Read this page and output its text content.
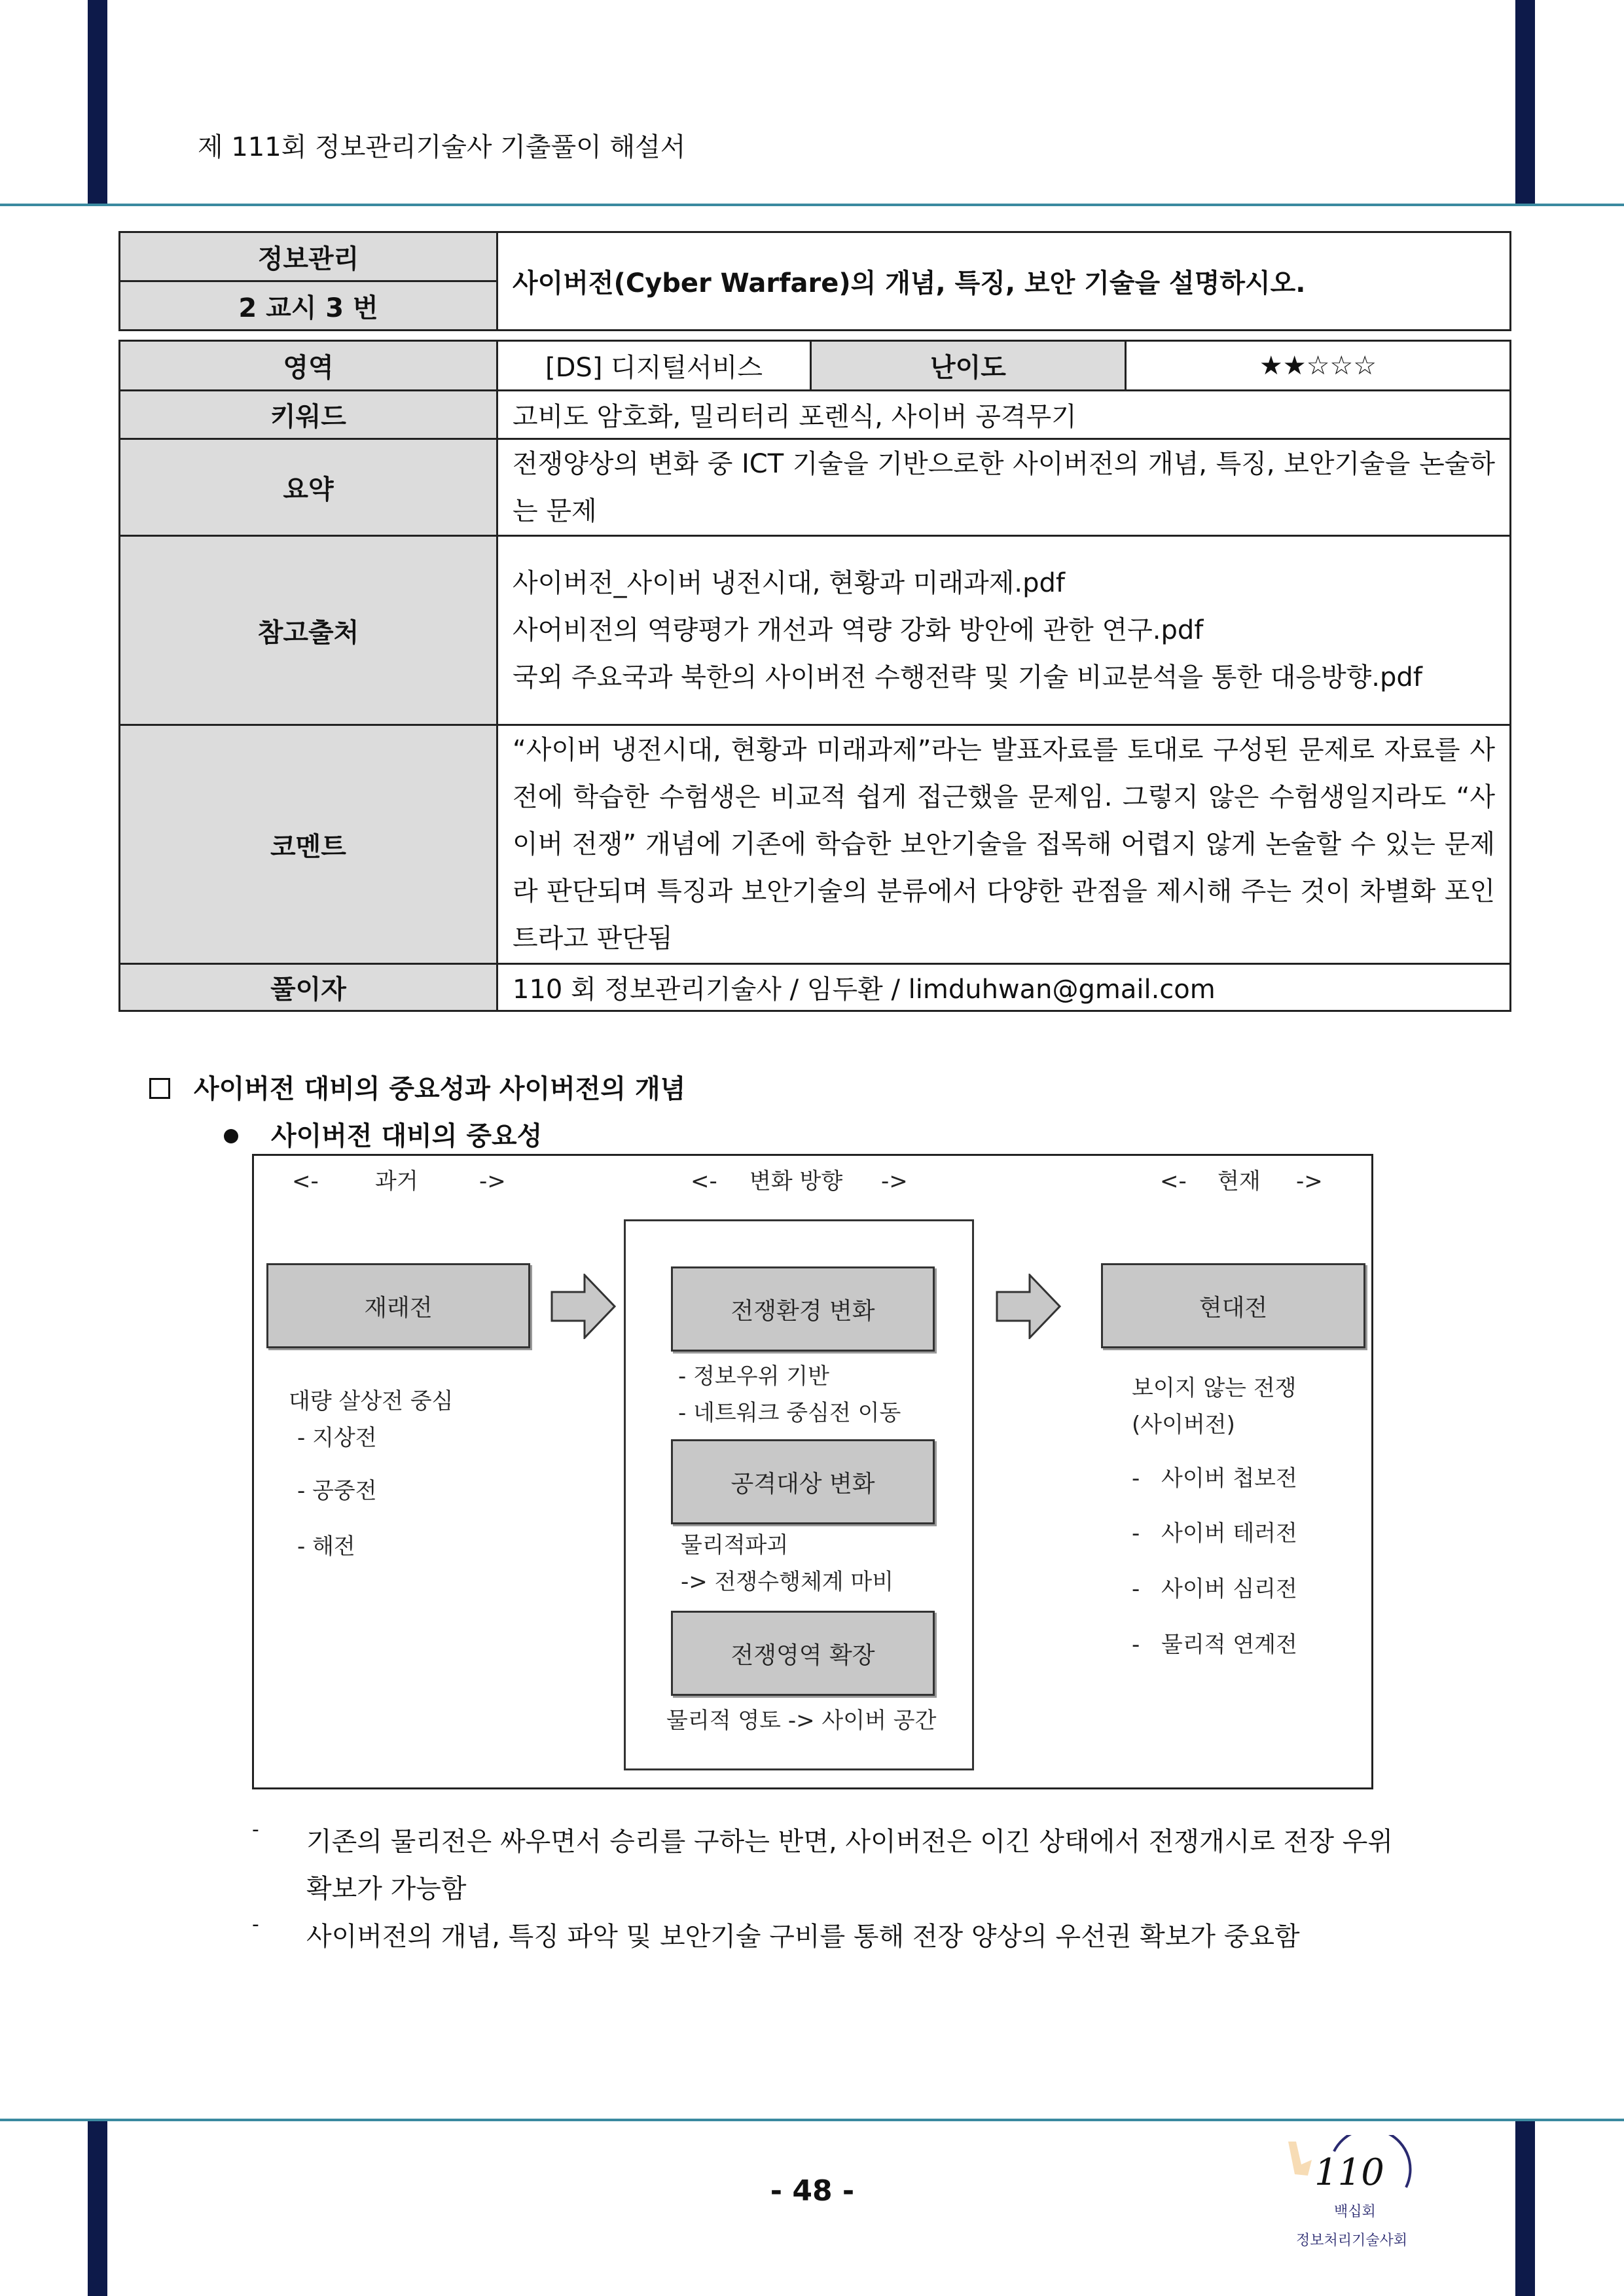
제 111회 정보관리기술사 기출풀이 해설서
정보관리	사이버전(Cyber Warfare)의 개념, 특징, 보안 기술을 설명하시오.
2 교시 3 번
영역	[DS] 디지털서비스	난이도	★★☆☆☆
키워드	고비도 암호화, 밀리터리 포렌식, 사이버 공격무기		
요약	전쟁양상의 변화 중 ICT 기술을 기반으로한 사이버전의 개념, 특징, 보안기술을 논술하는 문제		
참고출처	사이버전_사이버 냉전시대, 현황과 미래과제.pdf
사어비전의 역량평가 개선과 역량 강화 방안에 관한 연구.pdf
국외 주요국과 북한의 사이버전 수행전략 및 기술 비교분석을 통한 대응방향.pdf		

코멘트	“사이버 냉전시대, 현황과 미래과제”라는 발표자료를 토대로 구성된 문제로 자료를 사전에 학습한 수험생은 비교적 쉽게 접근했을 문제임. 그렇지 않은 수험생일지라도 “사이버 전쟁” 개념에 기존에 학습한 보안기술을 접목해 어렵지 않게 논술할 수 있는 문제라 판단되며 특징과 보안기술의 분류에서 다양한 관점을 제시해 주는 것이 차별화 포인트라고 판단됨		
풀이자	110 회 정보관리기술사 / 임두환 / limduhwan@gmail.com		
사이버전 대비의 중요성과 사이버전의 개념
사이버전 대비의 중요성
<-	과거	->	<- 변화 방향 ->	<- 현재 ->
재래전
대량 살상전 중심
- 지상전
- 공중전
- 해전
전쟁환경 변화
- 정보우위 기반
- 네트워크 중심전 이동
공격대상 변화
물리적파괴
-> 전쟁수행체계 마비
전쟁영역 확장
물리적 영토 -> 사이버 공간
현대전
보이지 않는 전쟁
(사이버전)
- 사이버 첩보전
- 사이버 테러전
- 사이버 심리전
- 물리적 연계전
- 기존의 물리전은 싸우면서 승리를 구하는 반면, 사이버전은 이긴 상태에서 전쟁개시로 전장 우위 확보가 가능함
- 사이버전의 개념, 특징 파악 및 보안기술 구비를 통해 전장 양상의 우선권 확보가 중요함
- 48 -	110
백십회
정보처리기술사회
